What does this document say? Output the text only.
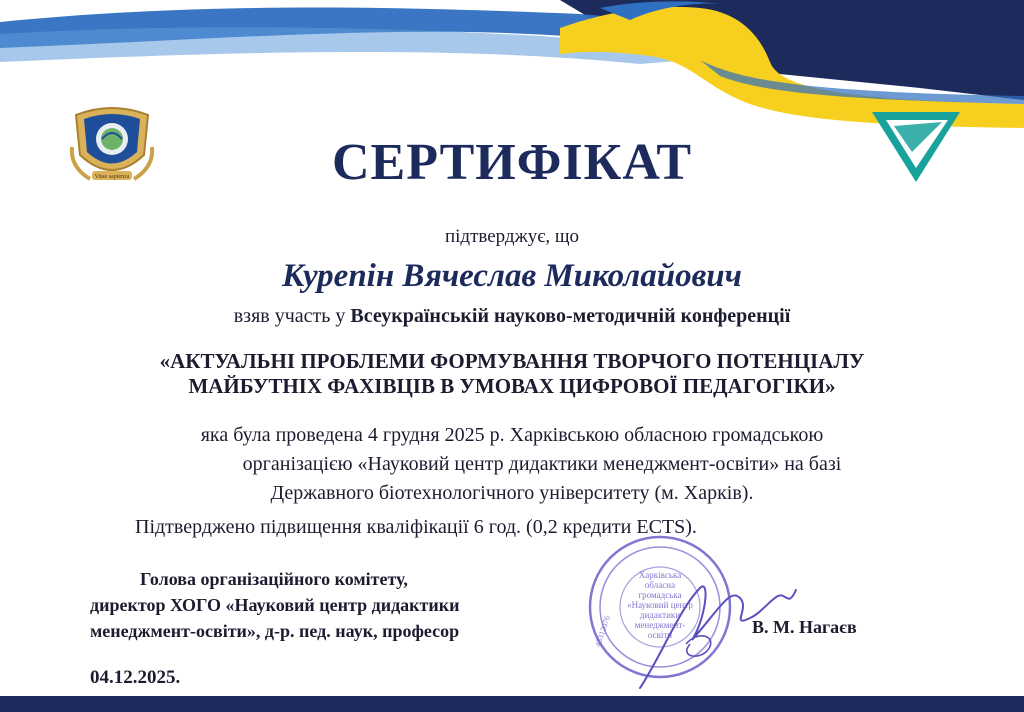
Vitae sapienza	СЕРТИФІКАТ
підтверджує, що
Курепін Вячеслав Миколайович
взяв участь у Всеукраїнській науково-методичній конференції
«АКТУАЛЬНІ ПРОБЛЕМИ ФОРМУВАННЯ ТВОРЧОГО ПОТЕНЦІАЛУ
МАЙБУТНІХ ФАХІВЦІВ В УМОВАХ ЦИФРОВОЇ ПЕДАГОГІКИ»
яка була проведена 4 грудня 2025 р. Харківською обласною громадською
організацією «Науковий центр дидактики менеджмент-освіти» на базі
Державного біотехнологічного університету (м. Харків).
Підтверджено підвищення кваліфікації 6 год. (0,2 кредити ECTS).
Голова організаційного комітету,
директор ХОГО «Науковий центр дидактики
менеджмент-освіти», д-р. пед. наук, професор
Харківська
обласна
громадська
«Науковий центр
дидактики
менеджмент-
освіти
43312076	В. М. Нагаєв
04.12.2025.
